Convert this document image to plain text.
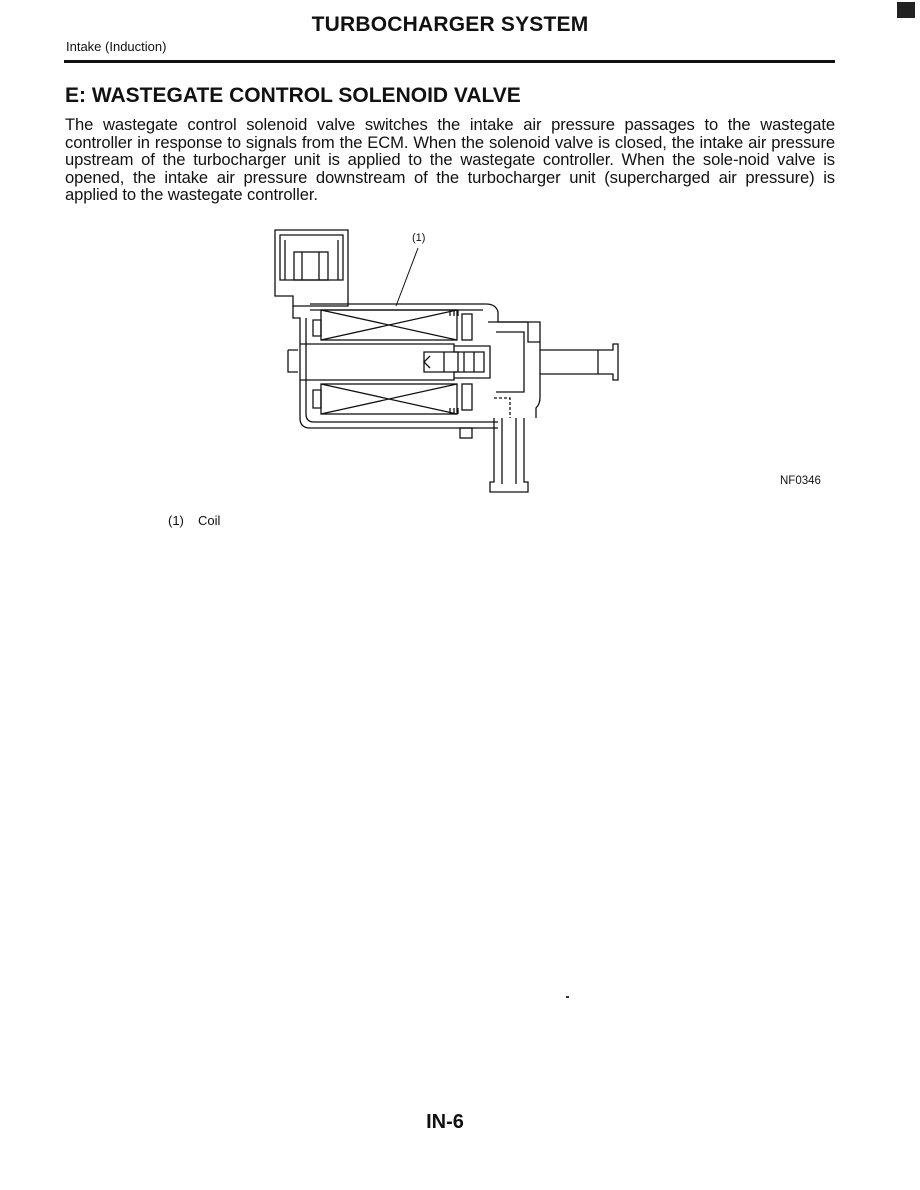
TURBOCHARGER SYSTEM
Intake (Induction)
E: WASTEGATE CONTROL SOLENOID VALVE
The wastegate control solenoid valve switches the intake air pressure passages to the wastegate controller in response to signals from the ECM. When the solenoid valve is closed, the intake air pressure upstream of the turbocharger unit is applied to the wastegate controller. When the sole-noid valve is opened, the intake air pressure downstream of the turbocharger unit (supercharged air pressure) is applied to the wastegate controller.
(1)
NF0346
(1) Coil
IN-6
